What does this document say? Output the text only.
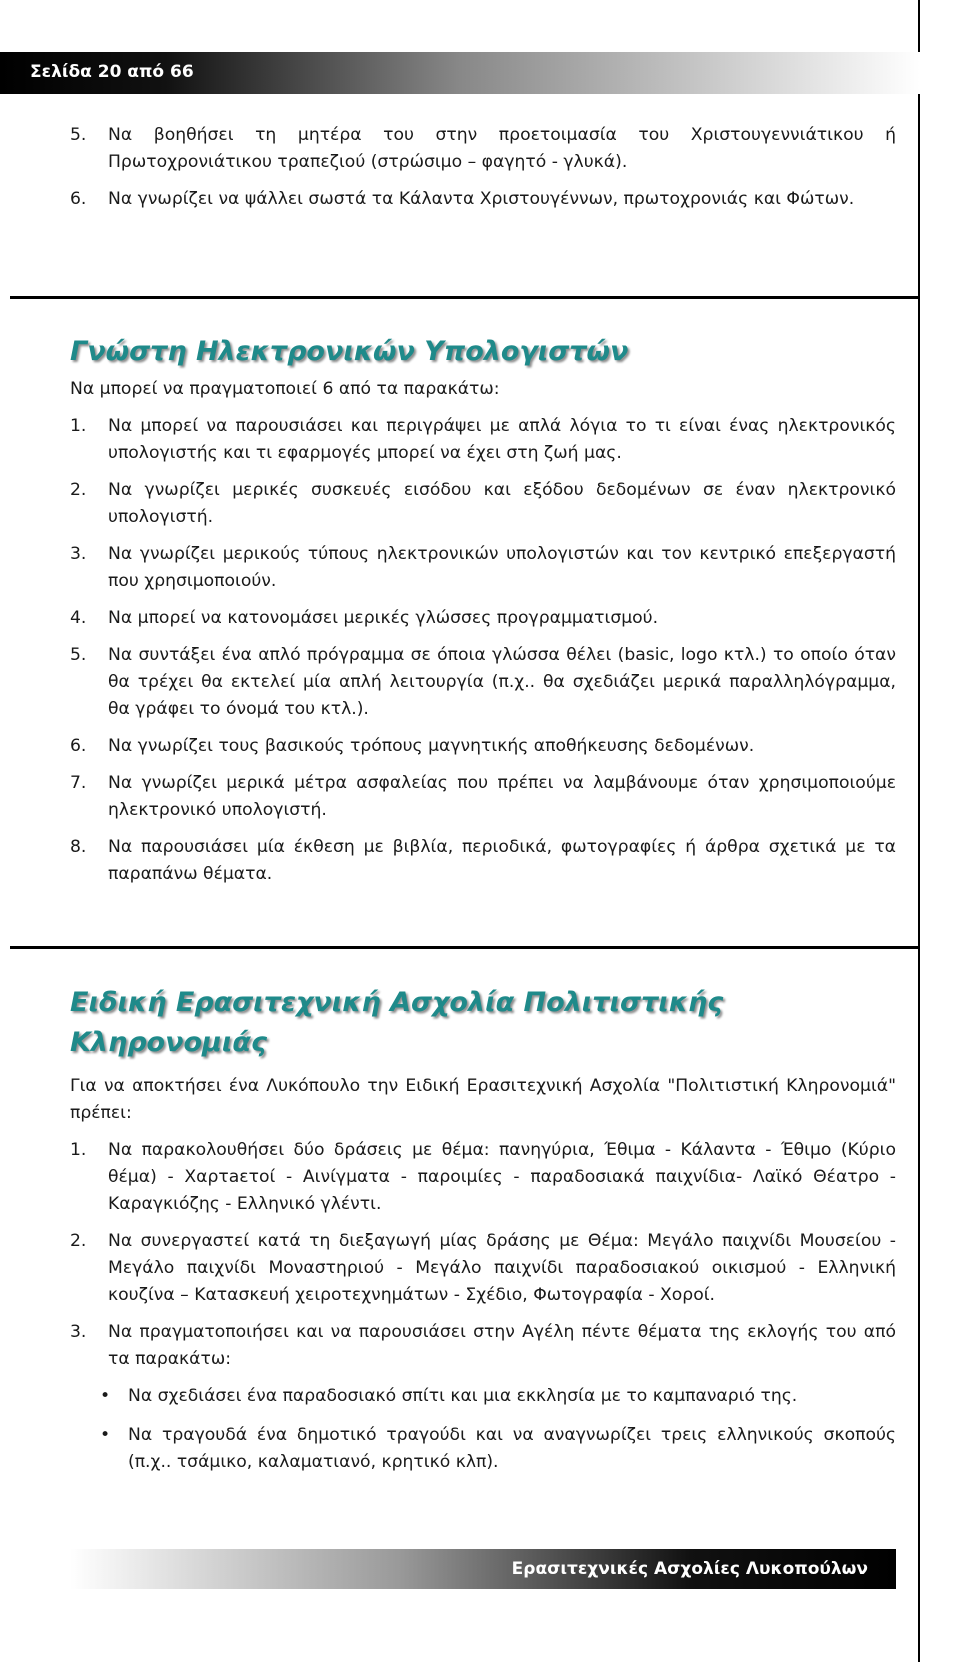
Σελίδα 20 από 66
5. Να βοηθήσει τη μητέρα του στην προετοιμασία του Χριστουγεννιάτικου ή Πρωτοχρονιάτικου τραπεζιού (στρώσιμο – φαγητό - γλυκά).
6. Να γνωρίζει να ψάλλει σωστά τα Κάλαντα Χριστουγέννων, πρωτοχρονιάς και Φώτων.
Γνώστη Ηλεκτρονικών Υπολογιστών
Να μπορεί να πραγματοποιεί 6 από τα παρακάτω:
1. Να μπορεί να παρουσιάσει και περιγράψει με απλά λόγια το τι είναι ένας ηλεκτρονικός υπολογιστής και τι εφαρμογές μπορεί να έχει στη ζωή μας.
2. Να γνωρίζει μερικές συσκευές εισόδου και εξόδου δεδομένων σε έναν ηλεκτρονικό υπολογιστή.
3. Να γνωρίζει μερικούς τύπους ηλεκτρονικών υπολογιστών και τον κεντρικό επεξεργαστή που χρησιμοποιούν.
4. Να μπορεί να κατονομάσει μερικές γλώσσες προγραμματισμού.
5. Να συντάξει ένα απλό πρόγραμμα σε όποια γλώσσα θέλει (basic, logo κτλ.) το οποίο όταν θα τρέχει θα εκτελεί μία απλή λειτουργία (π.χ.. θα σχεδιάζει μερικά παραλληλόγραμμα, θα γράφει το όνομά του κτλ.).
6. Να γνωρίζει τους βασικούς τρόπους μαγνητικής αποθήκευσης δεδομένων.
7. Να γνωρίζει μερικά μέτρα ασφαλείας που πρέπει να λαμβάνουμε όταν χρησιμοποιούμε ηλεκτρονικό υπολογιστή.
8. Να παρουσιάσει μία έκθεση με βιβλία, περιοδικά, φωτογραφίες ή άρθρα σχετικά με τα παραπάνω θέματα.
Ειδική Ερασιτεχνική Ασχολία Πολιτιστικής
Κληρονομιάς
Για να αποκτήσει ένα Λυκόπουλο την Ειδική Ερασιτεχνική Ασχολία "Πολιτιστική Κληρονομιά" πρέπει:
1. Να παρακολουθήσει δύο δράσεις με θέμα: πανηγύρια, Έθιμα - Κάλαντα - Έθιμο (Κύριο θέμα) - Χαρτaετοί - Αινίγματα - παροιμίες - παραδοσιακά παιχνίδια- Λαϊκό Θέατρο - Καραγκιόζης - Ελληνικό γλέντι.
2. Να συνεργαστεί κατά τη διεξαγωγή μίας δράσης με Θέμα: Μεγάλο παιχνίδι Μουσείου - Μεγάλο παιχνίδι Μοναστηριού - Μεγάλο παιχνίδι παραδοσιακού οικισμού - Ελληνική κουζίνα – Κατασκευή χειροτεχνημάτων - Σχέδιο, Φωτογραφία - Χοροί.
3. Να πραγματοποιήσει και να παρουσιάσει στην Αγέλη πέντε θέματα της εκλογής του από τα παρακάτω:
• Να σχεδιάσει ένα παραδοσιακό σπίτι και μια εκκλησία με το καμπαναριό της.
• Να τραγουδά ένα δημοτικό τραγούδι και να αναγνωρίζει τρεις ελληνικούς σκοπούς (π.χ.. τσάμικο, καλαματιανό, κρητικό κλπ).
Ερασιτεχνικές Ασχολίες Λυκοπούλων
